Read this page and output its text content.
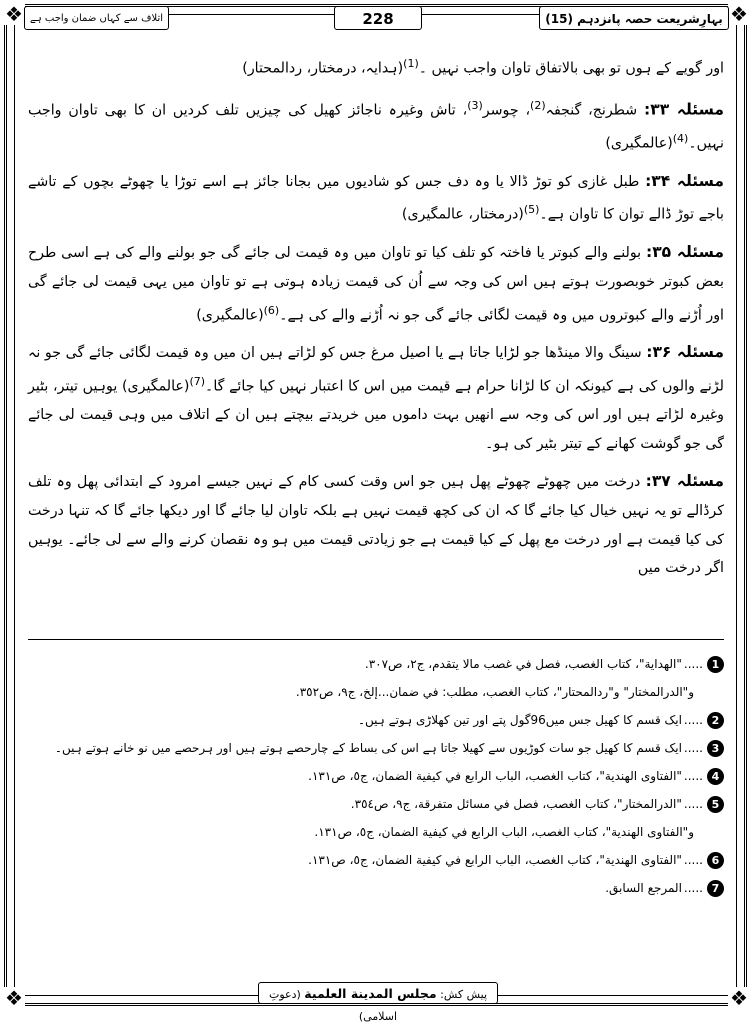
❖	❖
❖	❖
بہارِشریعت حصہ پانزدہم (15)
228
اتلاف سے کہاں ضمان واجب ہے

اور گویے کے ہوں تو بھی بالاتفاق تاوان واجب نہیں ۔$^{(1)}$(ہدایہ، درمختار، ردالمحتار)

مسئلہ ۳۳: شطرنج، گنجفہ$^{(2)}$، چوسر$^{(3)}$، تاش وغیرہ ناجائز کھیل کی چیزیں تلف کردیں ان کا بھی تاوان واجب نہیں۔$^{(4)}$(عالمگیری)

مسئلہ ۳۴: طبل غازی کو توڑ ڈالا یا وہ دف جس کو شادیوں میں بجانا جائز ہے اسے توڑا یا چھوٹے بچوں کے تاشے باجے توڑ ڈالے توان کا تاوان ہے۔$^{(5)}$(درمختار، عالمگیری)

مسئلہ ۳۵: بولنے والے کبوتر یا فاختہ کو تلف کیا تو تاوان میں وہ قیمت لی جائے گی جو بولنے والے کی ہے اسی طرح بعض کبوتر خوبصورت ہوتے ہیں اس کی وجہ سے اُن کی قیمت زیادہ ہوتی ہے تو تاوان میں یہی قیمت لی جائے گی اور اُڑنے والے کبوتروں میں وہ قیمت لگائی جائے گی جو نہ اُڑنے والے کی ہے۔$^{(6)}$(عالمگیری)

مسئلہ ۳۶: سینگ والا مینڈھا جو لڑایا جاتا ہے یا اصیل مرغ جس کو لڑاتے ہیں ان میں وہ قیمت لگائی جائے گی جو نہ لڑنے والوں کی ہے کیونکہ ان کا لڑانا حرام ہے قیمت میں اس کا اعتبار نہیں کیا جائے گا۔$^{(7)}$(عالمگیری) یوہیں تیتر، بٹیر وغیرہ لڑاتے ہیں اور اس کی وجہ سے انھیں بہت داموں میں خریدتے بیچتے ہیں ان کے اتلاف میں وہی قیمت لی جائے گی جو گوشت کھانے کے تیتر بٹیر کی ہو۔

مسئلہ ۳۷: درخت میں چھوٹے چھوٹے پھل ہیں جو اس وقت کسی کام کے نہیں جیسے امرود کے ابتدائی پھل وہ تلف کرڈالے تو یہ نہیں خیال کیا جائے گا کہ ان کی کچھ قیمت نہیں ہے بلکہ تاوان لیا جائے گا اور دیکھا جائے گا کہ تنہا درخت کی کیا قیمت ہے اور درخت مع پھل کے کیا قیمت ہے جو زیادتی قیمت میں ہو وہ نقصان کرنے والے سے لی جائے۔ یوہیں اگر درخت میں

1
.....
"الهداية"، كتاب الغصب، فصل في غصب مالا يتقدم، ج٢، ص٣٠٧.
و"الدرالمختار" و"ردالمحتار"، كتاب الغصب، مطلب: في ضمان...إلخ، ج٩، ص٣٥٢.
2
.....
ایک قسم کا کھیل جس میں96گول پتے اور تین کھلاڑی ہوتے ہیں۔
3
.....
ایک قسم کا کھیل جو سات کوڑیوں سے کھیلا جاتا ہے اس کی بساط کے چارحصے ہوتے ہیں اور ہرحصے میں نو خانے ہوتے ہیں۔
4
.....
"الفتاوى الهندية"، كتاب الغصب، الباب الرابع في كيفية الضمان، ج٥، ص١٣١.
5
.....
"الدرالمختار"، كتاب الغصب، فصل في مسائل متفرقة، ج٩، ص٣٥٤.
و"الفتاوى الهندية"، كتاب الغصب، الباب الرابع في كيفية الضمان، ج٥، ص١٣١.
6
.....
"الفتاوى الهندية"، كتاب الغصب، الباب الرابع في كيفية الضمان، ج٥، ص١٣١.
7
.....
المرجع السابق.
پیش کش: مجلس المدينة العلمية (دعوتِ اسلامی)
